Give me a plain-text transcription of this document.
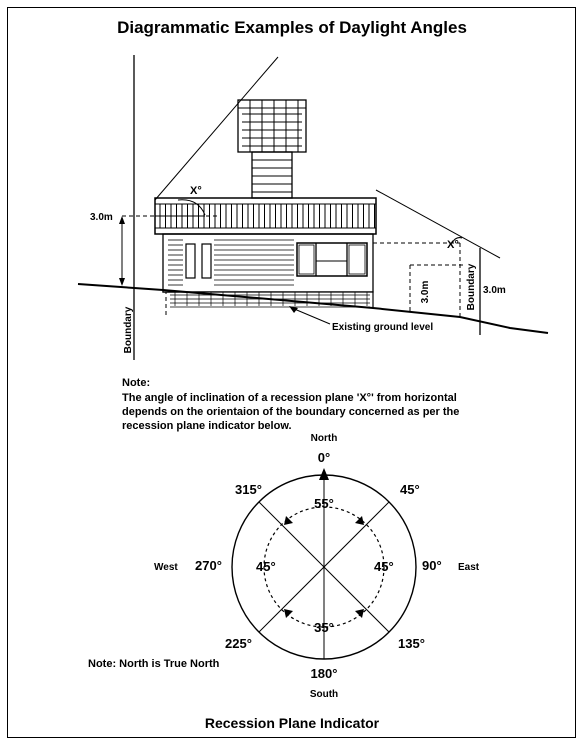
Diagrammatic Examples of Daylight Angles
3.0m
X°
X°
3.0m	3.0m
Boundary
Boundary
Existing ground level
North
0°
45°
90° East
135°
180°
South
225°
270°
West
315°
55°
35°
45°	45°
Note:
The angle of inclination of a recession plane 'X°' from horizontal depends on the orientaion of the boundary concerned as per the recession plane indicator below.
Note: North is True North
Recession Plane Indicator
